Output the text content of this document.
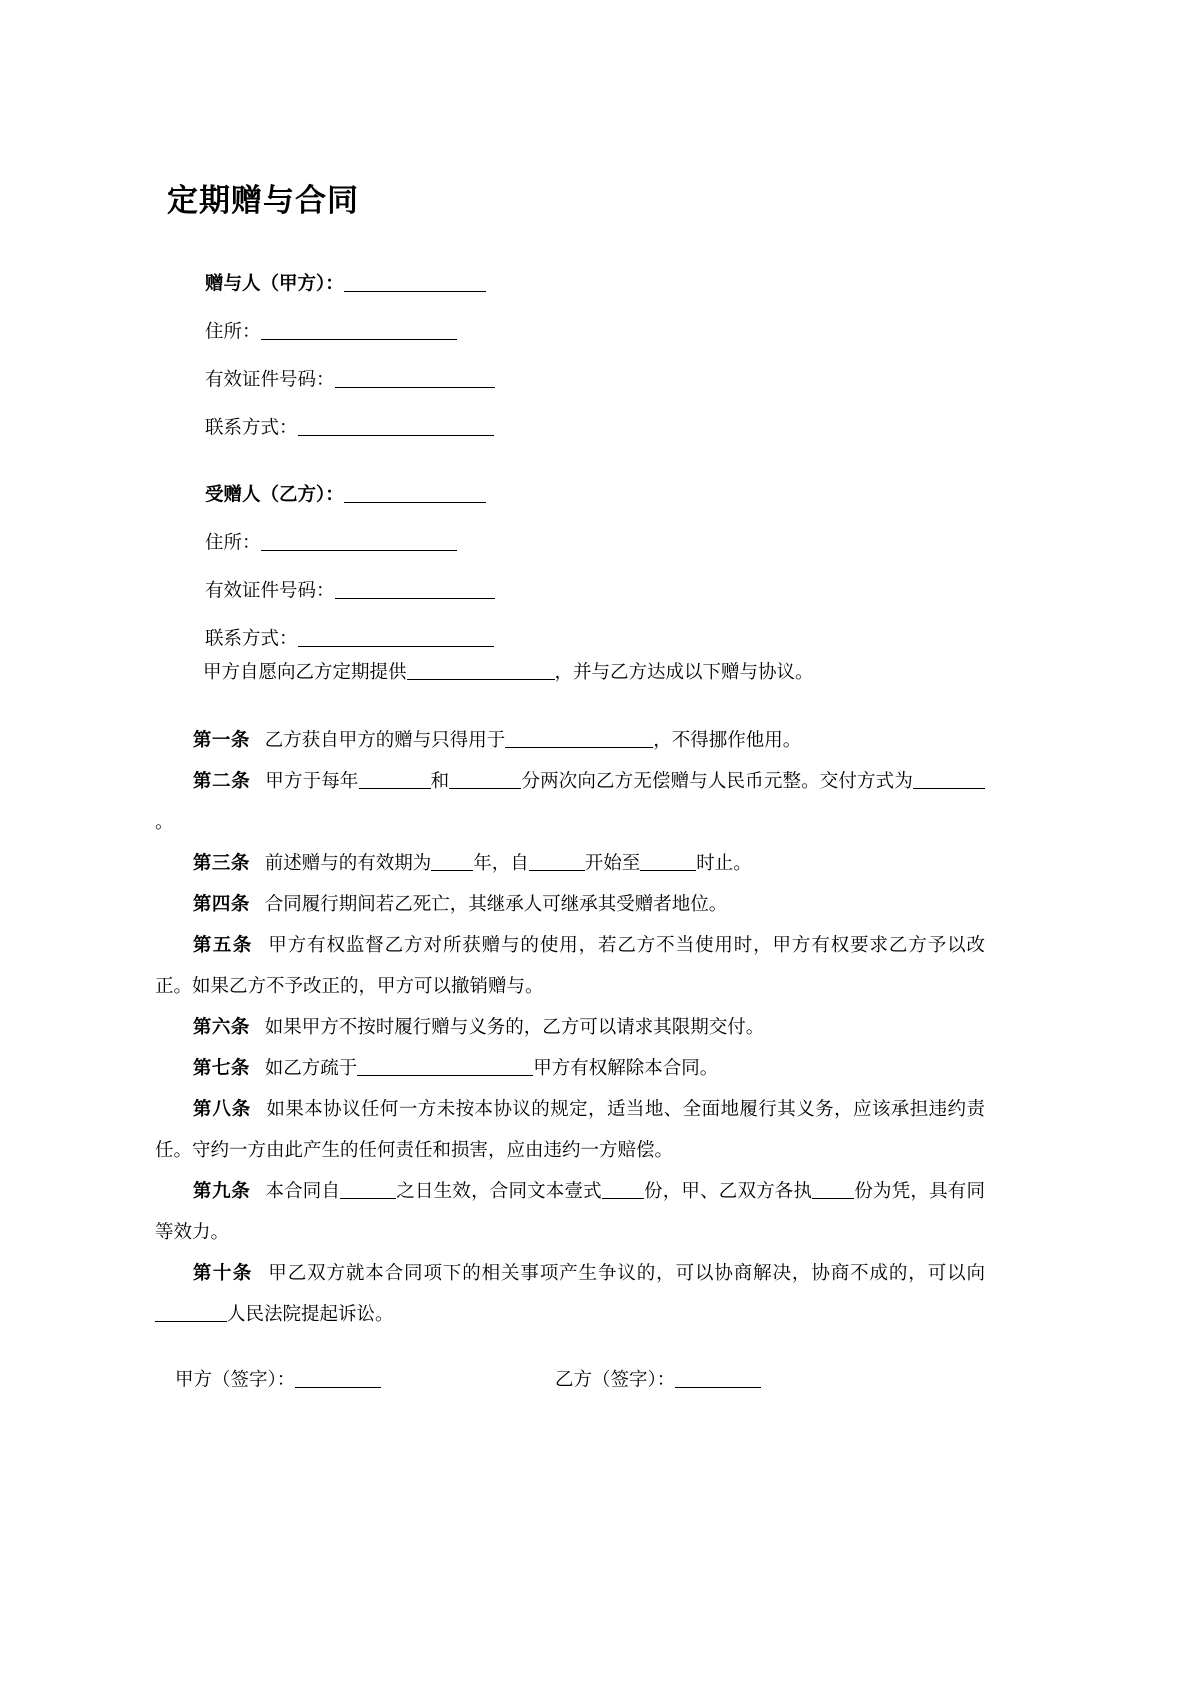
定期赠与合同
赠与人（甲方）：
住所：
有效证件号码：
联系方式：
受赠人（乙方）：
住所：
有效证件号码：
联系方式：

甲方自愿向乙方定期提供	，并与乙方达成以下赠与协议。

第一条 乙方获自甲方的赠与只得用于	，不得挪作他用。

第二条 甲方于每年	和	分两次向乙方无偿赠与人民币元整。交付方式为。

第三条 前述赠与的有效期为 年，自	开始至	时止。

第四条 合同履行期间若乙死亡，其继承人可继承其受赠者地位。

第五条 甲方有权监督乙方对所获赠与的使用，若乙方不当使用时，甲方有权要求乙方予以改正。如果乙方不予改正的，甲方可以撤销赠与。

第六条 如果甲方不按时履行赠与义务的，乙方可以请求其限期交付。

第七条 如乙方疏于	甲方有权解除本合同。

第八条 如果本协议任何一方未按本协议的规定，适当地、全面地履行其义务，应该承担违约责任。守约一方由此产生的任何责任和损害，应由违约一方赔偿。

第九条 本合同自	之日生效，合同文本壹式 份，甲、乙双方各执 份为凭，具有同等效力。

第十条 甲乙双方就本合同项下的相关事项产生争议的，可以协商解决，协商不成的，可以向人民法院提起诉讼。

甲方（签字）：	乙方（签字）：
